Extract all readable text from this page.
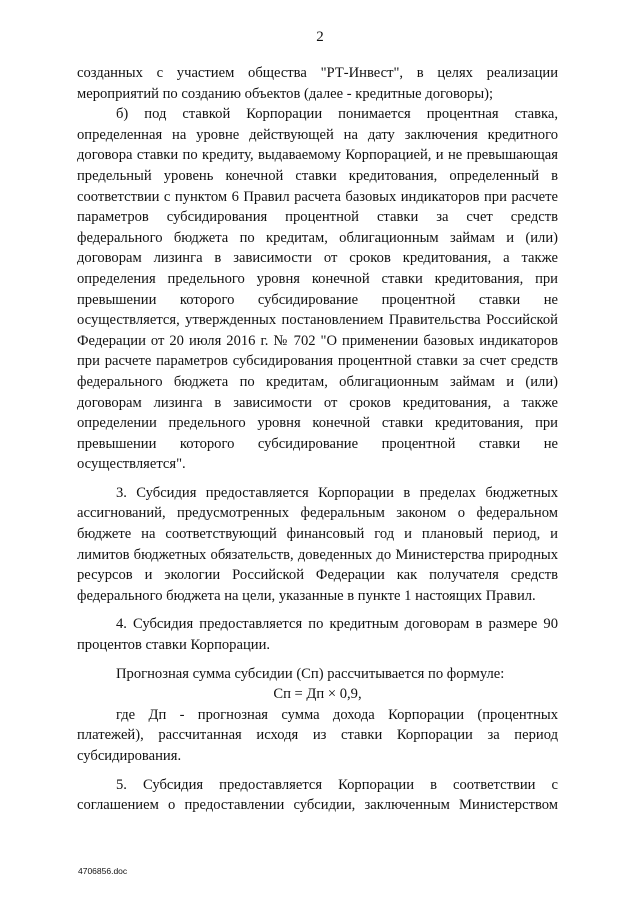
2

созданных с участием общества "РТ-Инвест", в целях реализации мероприятий по созданию объектов (далее - кредитные договоры);

б) под ставкой Корпорации понимается процентная ставка, определенная на уровне действующей на дату заключения кредитного договора ставки по кредиту, выдаваемому Корпорацией, и не превышающая предельный уровень конечной ставки кредитования, определенный в соответствии с пунктом 6 Правил расчета базовых индикаторов при расчете параметров субсидирования процентной ставки за счет средств федерального бюджета по кредитам, облигационным займам и (или) договорам лизинга в зависимости от сроков кредитования, а также определения предельного уровня конечной ставки кредитования, при превышении которого субсидирование процентной ставки не осуществляется, утвержденных постановлением Правительства Российской Федерации от 20 июля 2016 г. № 702 "О применении базовых индикаторов при расчете параметров субсидирования процентной ставки за счет средств федерального бюджета по кредитам, облигационным займам и (или) договорам лизинга в зависимости от сроков кредитования, а также определении предельного уровня конечной ставки кредитования, при превышении которого субсидирование процентной ставки не осуществляется".

3. Субсидия предоставляется Корпорации в пределах бюджетных ассигнований, предусмотренных федеральным законом о федеральном бюджете на соответствующий финансовый год и плановый период, и лимитов бюджетных обязательств, доведенных до Министерства природных ресурсов и экологии Российской Федерации как получателя средств федерального бюджета на цели, указанные в пункте 1 настоящих Правил.

4. Субсидия предоставляется по кредитным договорам в размере 90 процентов ставки Корпорации.

Прогнозная сумма субсидии (Сп) рассчитывается по формуле:

Сп = Дп × 0,9,

где Дп - прогнозная сумма дохода Корпорации (процентных платежей), рассчитанная исходя из ставки Корпорации за период субсидирования.

5. Субсидия предоставляется Корпорации в соответствии с соглашением о предоставлении субсидии, заключенным Министерством

4706856.doc
